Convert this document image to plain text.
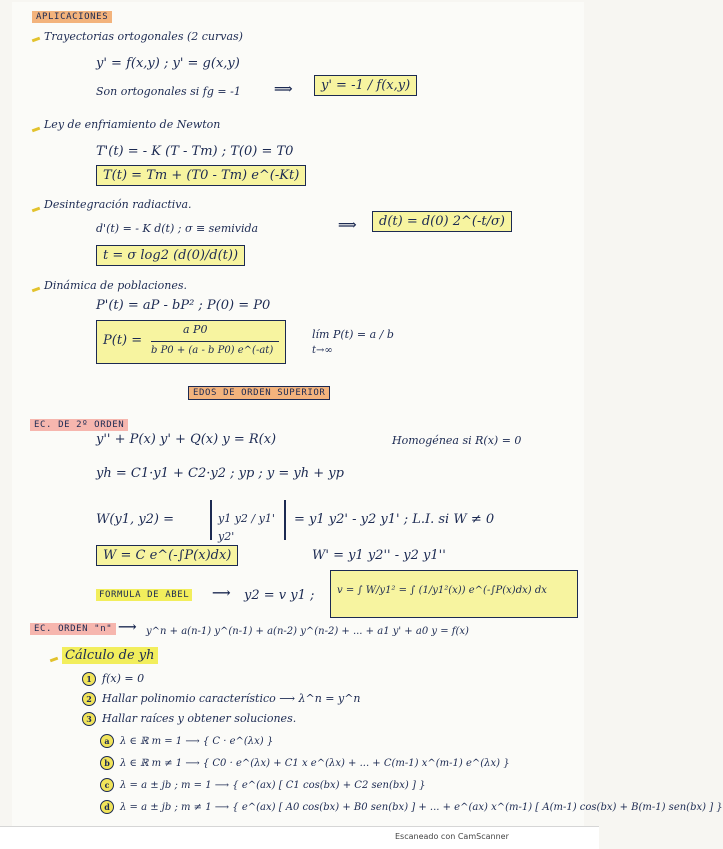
APLICACIONES
Trayectorias ortogonales (2 curvas)
y' = f(x,y) ; y' = g(x,y)
Son ortogonales si fg = -1	⟹	y' = -1 / f(x,y)
Ley de enfriamiento de Newton
T'(t) = - K (T - Tm) ; T(0) = T0
T(t) = Tm + (T0 - Tm) e^(-Kt)
Desintegración radiactiva.
d'(t) = - K d(t) ; σ ≡ semivida	⟹	d(t) = d(0) 2^(-t/σ)
t = σ log2 (d(0)/d(t))
Dinámica de poblaciones.
P'(t) = aP - bP² ; P(0) = P0
P(t) =
a P0
b P0 + (a - b P0) e^(-at)
lím P(t) = a / b
t→∞
EDOS DE ORDEN SUPERIOR
EC. DE 2º ORDEN
y'' + P(x) y' + Q(x) y = R(x)	Homogénea si R(x) = 0
yh = C1·y1 + C2·y2 ; yp ; y = yh + yp
W(y1, y2) =	y1 y2 / y1' y2'
= y1 y2' - y2 y1' ; L.I. si W ≠ 0
W = C e^(-∫P(x)dx)	W' = y1 y2'' - y2 y1''
FORMULA DE ABEL ⟶ y2 = v y1 ; v = ∫ W/y1² = ∫ (1/y1²(x)) e^(-∫P(x)dx) dx
EC. ORDEN "n" ⟶ y^n + a(n-1) y^(n-1) + a(n-2) y^(n-2) + ... + a1 y' + a0 y = f(x)
Cálculo de yh
1 f(x) = 0
2 Hallar polinomio característico ⟶ λ^n = y^n
3 Hallar raíces y obtener soluciones.
a λ ∈ ℝ m = 1 ⟶ { C · e^(λx) }
b λ ∈ ℝ m ≠ 1 ⟶ { C0 · e^(λx) + C1 x e^(λx) + ... + C(m-1) x^(m-1) e^(λx) }
c λ = a ± jb ; m = 1 ⟶ { e^(ax) [ C1 cos(bx) + C2 sen(bx) ] }
d λ = a ± jb ; m ≠ 1 ⟶ { e^(ax) [ A0 cos(bx) + B0 sen(bx) ] + ... + e^(ax) x^(m-1) [ A(m-1) cos(bx) + B(m-1) sen(bx) ] }
Escaneado con CamScanner
